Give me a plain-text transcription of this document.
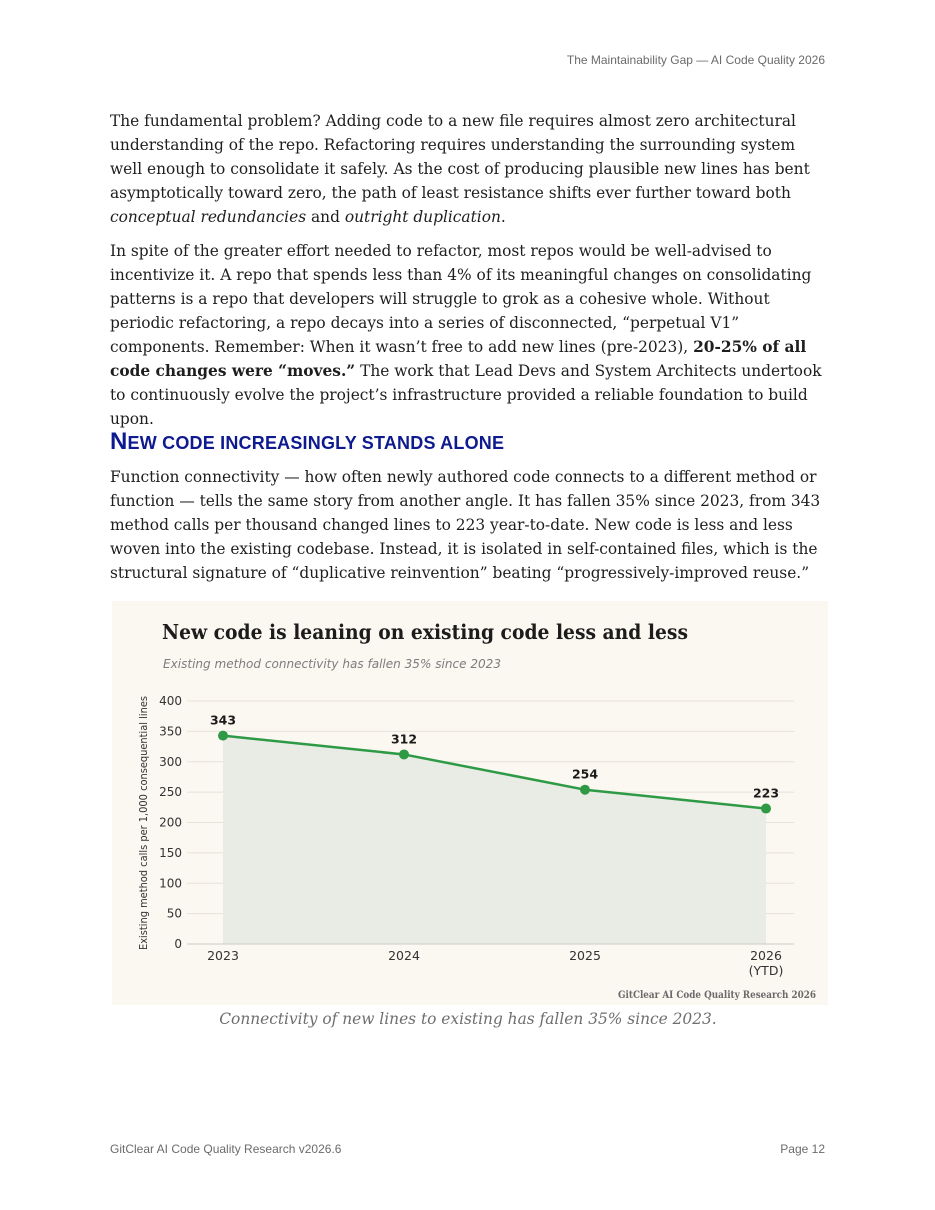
The Maintainability Gap — AI Code Quality 2026

The fundamental problem? Adding code to a new file requires almost zero architectural understanding of the repo. Refactoring requires understanding the surrounding system well enough to consolidate it safely. As the cost of producing plausible new lines has bent asymptotically toward zero, the path of least resistance shifts ever further toward both conceptual redundancies and outright duplication.

In spite of the greater effort needed to refactor, most repos would be well-advised to incentivize it. A repo that spends less than 4% of its meaningful changes on consolidating patterns is a repo that developers will struggle to grok as a cohesive whole. Without periodic refactoring, a repo decays into a series of disconnected, “perpetual V1” components. Remember: When it wasn’t free to add new lines (pre-2023), 20-25% of all code changes were “moves.” The work that Lead Devs and System Architects undertook to continuously evolve the project’s infrastructure provided a reliable foundation to build upon.

NEW CODE INCREASINGLY STANDS ALONE

Function connectivity — how often newly authored code connects to a different method or function — tells the same story from another angle. It has fallen 35% since 2023, from 343 method calls per thousand changed lines to 223 year-to-date. New code is less and less woven into the existing codebase. Instead, it is isolated in self-contained files, which is the structural signature of “duplicative reinvention” beating “progressively-improved reuse.”

New code is leaning on existing code less and less
Existing method connectivity has fallen 35% since 2023
Existing method calls per 1,000 consequential lines 0
50
100
150
200
250
300
350
400
2023	2024	2025	2026
(YTD)
343
312
254
223
GitClear AI Code Quality Research 2026
Connectivity of new lines to existing has fallen 35% since 2023.
GitClear AI Code Quality Research v2026.6	Page 12
